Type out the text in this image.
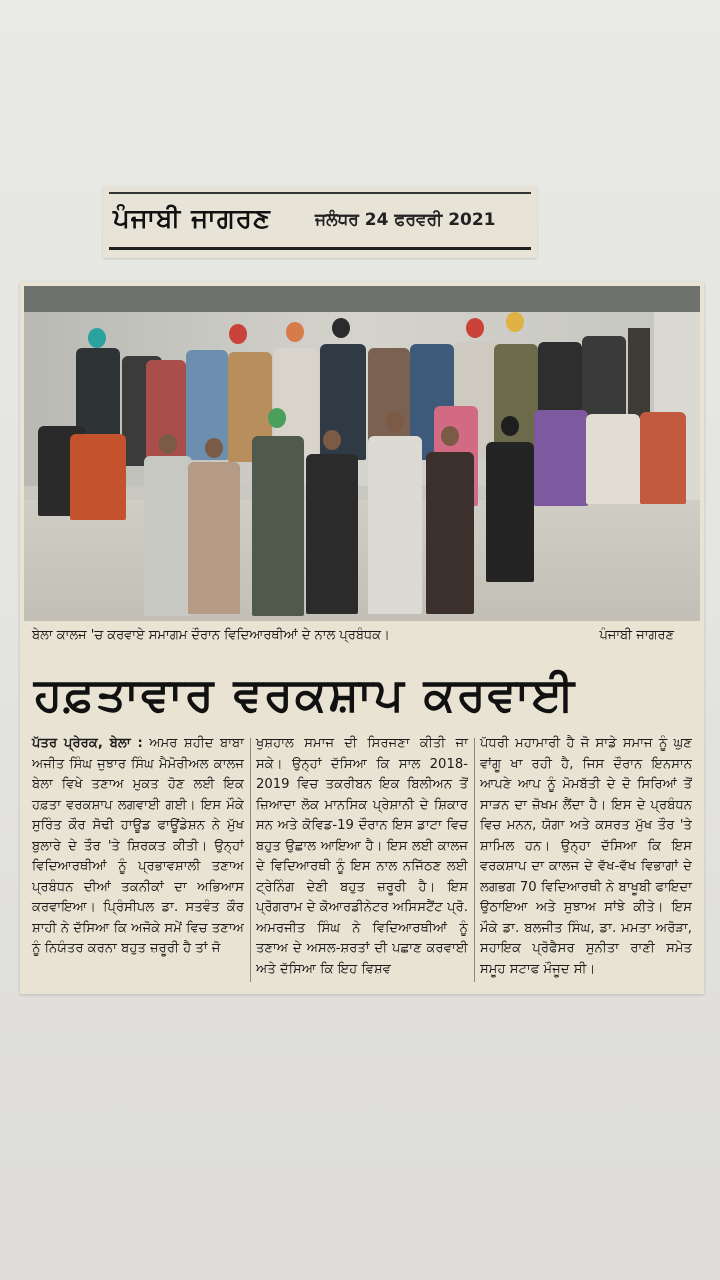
ਪੰਜਾਬੀ ਜਾਗਰਣ	ਜਲੰਧਰ 24 ਫਰਵਰੀ 2021
ਬੇਲਾ ਕਾਲਜ 'ਚ ਕਰਵਾਏ ਸਮਾਗਮ ਦੌਰਾਨ ਵਿਦਿਆਰਥੀਆਂ ਦੇ ਨਾਲ ਪ੍ਰਬੰਧਕ।	ਪੰਜਾਬੀ ਜਾਗਰਣ
ਹਫ਼ਤਾਵਾਰ ਵਰਕਸ਼ਾਪ ਕਰਵਾਈ
ਪੱਤਰ ਪ੍ਰੇਰਕ, ਬੇਲਾ : ਅਮਰ ਸ਼ਹੀਦ ਬਾਬਾ ਅਜੀਤ ਸਿੰਘ ਜੁਝਾਰ ਸਿੰਘ ਮੈਮੋਰੀਅਲ ਕਾਲਜ ਬੇਲਾ ਵਿਖੇ ਤਣਾਅ ਮੁਕਤ ਹੋਣ ਲਈ ਇਕ ਹਫ਼ਤਾ ਵਰਕਸ਼ਾਪ ਲਗਵਾਈ ਗਈ। ਇਸ ਮੌਕੇ ਸੁਰਿੰਤ ਕੌਰ ਸੋਢੀ ਹਾਊਡ ਫਾਊਂਡੇਸ਼ਨ ਨੇ ਮੁੱਖ ਬੁਲਾਰੇ ਦੇ ਤੌਰ 'ਤੇ ਸ਼ਿਰਕਤ ਕੀਤੀ। ਉਨ੍ਹਾਂ ਵਿਦਿਆਰਥੀਆਂ ਨੂੰ ਪ੍ਰਭਾਵਸ਼ਾਲੀ ਤਣਾਅ ਪ੍ਰਬੰਧਨ ਦੀਆਂ ਤਕਨੀਕਾਂ ਦਾ ਅਭਿਆਸ ਕਰਵਾਇਆ। ਪ੍ਰਿੰਸੀਪਲ ਡਾ. ਸਤਵੰਤ ਕੌਰ ਸ਼ਾਹੀ ਨੇ ਦੱਸਿਆ ਕਿ ਅਜੋਕੇ ਸਮੇਂ ਵਿਚ ਤਣਾਅ ਨੂੰ ਨਿਯੰਤਰ ਕਰਨਾ ਬਹੁਤ ਜ਼ਰੂਰੀ ਹੈ ਤਾਂ ਜੋ
ਖੁਸ਼ਹਾਲ ਸਮਾਜ ਦੀ ਸਿਰਜਣਾ ਕੀਤੀ ਜਾ ਸਕੇ। ਉਨ੍ਹਾਂ ਦੱਸਿਆ ਕਿ ਸਾਲ 2018-2019 ਵਿਚ ਤਕਰੀਬਨ ਇਕ ਬਿਲੀਅਨ ਤੋਂ ਜ਼ਿਆਦਾ ਲੋਕ ਮਾਨਸਿਕ ਪ੍ਰੇਸ਼ਾਨੀ ਦੇ ਸ਼ਿਕਾਰ ਸਨ ਅਤੇ ਕੋਵਿਡ-19 ਦੌਰਾਨ ਇਸ ਡਾਟਾ ਵਿਚ ਬਹੁਤ ਉਛਾਲ ਆਇਆ ਹੈ। ਇਸ ਲਈ ਕਾਲਜ ਦੇ ਵਿਦਿਆਰਥੀ ਨੂੰ ਇਸ ਨਾਲ ਨਜਿੱਠਣ ਲਈ ਟ੍ਰੇਨਿੰਗ ਦੇਣੀ ਬਹੁਤ ਜ਼ਰੂਰੀ ਹੈ। ਇਸ ਪ੍ਰੋਗਰਾਮ ਦੇ ਕੋਆਰਡੀਨੇਟਰ ਅਸਿਸਟੈਂਟ ਪ੍ਰੋ. ਅਮਰਜੀਤ ਸਿੰਘ ਨੇ ਵਿਦਿਆਰਥੀਆਂ ਨੂੰ ਤਣਾਅ ਦੇ ਅਸਲ-ਸ਼ਰਤਾਂ ਦੀ ਪਛਾਣ ਕਰਵਾਈ ਅਤੇ ਦੱਸਿਆ ਕਿ ਇਹ ਵਿਸ਼ਵ
ਪੱਧਰੀ ਮਹਾਮਾਰੀ ਹੈ ਜੋ ਸਾਡੇ ਸਮਾਜ ਨੂੰ ਘੁਣ ਵਾਂਗੂ ਖਾ ਰਹੀ ਹੈ, ਜਿਸ ਦੌਰਾਨ ਇਨਸਾਨ ਆਪਣੇ ਆਪ ਨੂੰ ਮੋਮਬੱਤੀ ਦੇ ਦੋ ਸਿਰਿਆਂ ਤੋਂ ਸਾੜਨ ਦਾ ਜ਼ੋਖਮ ਲੈਂਦਾ ਹੈ। ਇਸ ਦੇ ਪ੍ਰਬੰਧਨ ਵਿਚ ਮਨਨ, ਯੋਗਾ ਅਤੇ ਕਸਰਤ ਮੁੱਖ ਤੌਰ 'ਤੇ ਸ਼ਾਮਿਲ ਹਨ। ਉਨ੍ਹਾ ਦੱਸਿਆ ਕਿ ਇਸ ਵਰਕਸ਼ਾਪ ਦਾ ਕਾਲਜ ਦੇ ਵੱਖ-ਵੱਖ ਵਿਭਾਗਾਂ ਦੇ ਲਗਭਗ 70 ਵਿਦਿਆਰਥੀ ਨੇ ਬਾਖੂਬੀ ਫਾਇਦਾ ਉਠਾਇਆ ਅਤੇ ਸੁਝਾਅ ਸਾਂਝੇ ਕੀਤੇ। ਇਸ ਮੌਕੇ ਡਾ. ਬਲਜੀਤ ਸਿੰਘ, ਡਾ. ਮਮਤਾ ਅਰੋੜਾ, ਸਹਾਇਕ ਪ੍ਰੋਫੈਸਰ ਸੁਨੀਤਾ ਰਾਣੀ ਸਮੇਤ ਸਮੂਹ ਸਟਾਫ ਮੌਜੂਦ ਸੀ।
